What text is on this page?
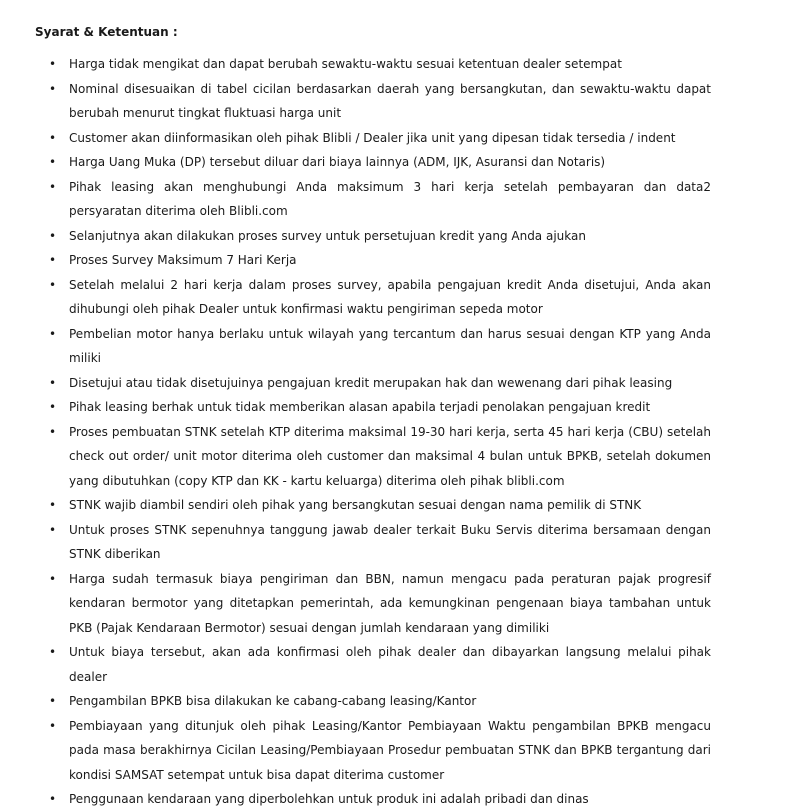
Syarat & Ketentuan :
• Harga tidak mengikat dan dapat berubah sewaktu-waktu sesuai ketentuan dealer setempat
• Nominal disesuaikan di tabel cicilan berdasarkan daerah yang bersangkutan, dan sewaktu-waktu dapat berubah menurut tingkat fluktuasi harga unit
• Customer akan diinformasikan oleh pihak Blibli / Dealer jika unit yang dipesan tidak tersedia / indent
• Harga Uang Muka (DP) tersebut diluar dari biaya lainnya (ADM, IJK, Asuransi dan Notaris)
• Pihak leasing akan menghubungi Anda maksimum 3 hari kerja setelah pembayaran dan data2 persyaratan diterima oleh Blibli.com
• Selanjutnya akan dilakukan proses survey untuk persetujuan kredit yang Anda ajukan
• Proses Survey Maksimum 7 Hari Kerja
• Setelah melalui 2 hari kerja dalam proses survey, apabila pengajuan kredit Anda disetujui, Anda akan dihubungi oleh pihak Dealer untuk konfirmasi waktu pengiriman sepeda motor
• Pembelian motor hanya berlaku untuk wilayah yang tercantum dan harus sesuai dengan KTP yang Anda miliki
• Disetujui atau tidak disetujuinya pengajuan kredit merupakan hak dan wewenang dari pihak leasing
• Pihak leasing berhak untuk tidak memberikan alasan apabila terjadi penolakan pengajuan kredit
• Proses pembuatan STNK setelah KTP diterima maksimal 19-30 hari kerja, serta 45 hari kerja (CBU) setelah check out order/ unit motor diterima oleh customer dan maksimal 4 bulan untuk BPKB, setelah dokumen yang dibutuhkan (copy KTP dan KK - kartu keluarga) diterima oleh pihak blibli.com
• STNK wajib diambil sendiri oleh pihak yang bersangkutan sesuai dengan nama pemilik di STNK
• Untuk proses STNK sepenuhnya tanggung jawab dealer terkait Buku Servis diterima bersamaan dengan STNK diberikan
• Harga sudah termasuk biaya pengiriman dan BBN, namun mengacu pada peraturan pajak progresif kendaran bermotor yang ditetapkan pemerintah, ada kemungkinan pengenaan biaya tambahan untuk PKB (Pajak Kendaraan Bermotor) sesuai dengan jumlah kendaraan yang dimiliki
• Untuk biaya tersebut, akan ada konfirmasi oleh pihak dealer dan dibayarkan langsung melalui pihak dealer
• Pengambilan BPKB bisa dilakukan ke cabang-cabang leasing/Kantor
• Pembiayaan yang ditunjuk oleh pihak Leasing/Kantor Pembiayaan Waktu pengambilan BPKB mengacu pada masa berakhirnya Cicilan Leasing/Pembiayaan Prosedur pembuatan STNK dan BPKB tergantung dari kondisi SAMSAT setempat untuk bisa dapat diterima customer
• Penggunaan kendaraan yang diperbolehkan untuk produk ini adalah pribadi dan dinas
